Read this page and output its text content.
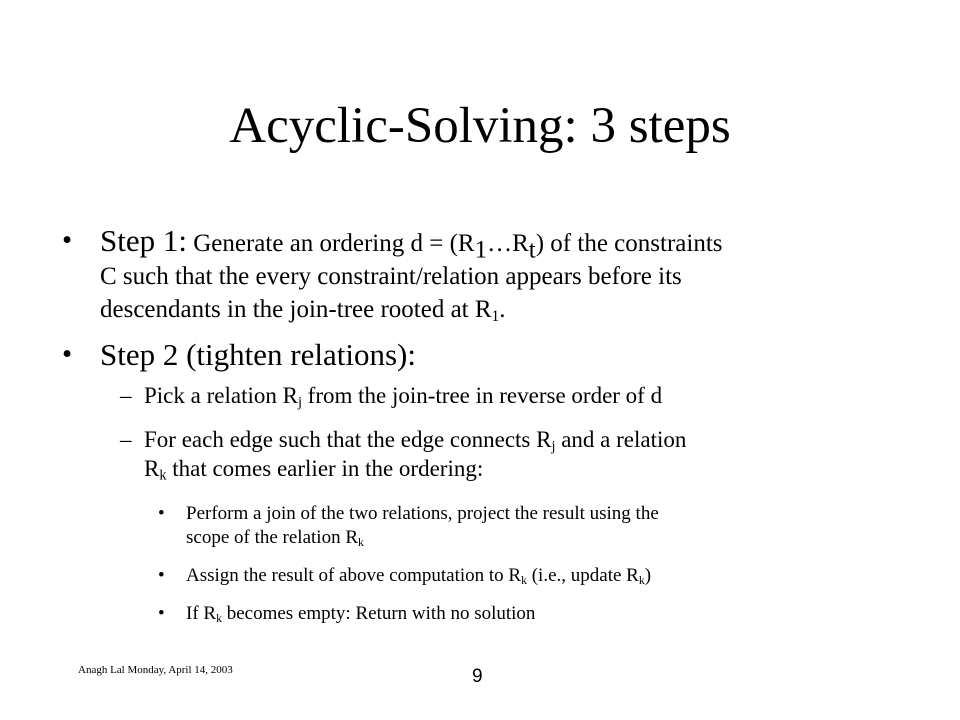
Acyclic-Solving: 3 steps
• Step 1: Generate an ordering d = (R1…Rt) of the constraints
C such that the every constraint/relation appears before its
descendants in the join-tree rooted at $R_1$.
• Step 2 (tighten relations):
– Pick a relation $R_j$ from the join-tree in reverse order of d
– For each edge such that the edge connects $R_j$ and a relation
$R_k$ that comes earlier in the ordering:
• Perform a join of the two relations, project the result using the
scope of the relation $R_k$
• Assign the result of above computation to $R_k$ (i.e., update $R_k$)
• If $R_k$ becomes empty: Return with no solution
Anagh Lal Monday, April 14, 2003	9
